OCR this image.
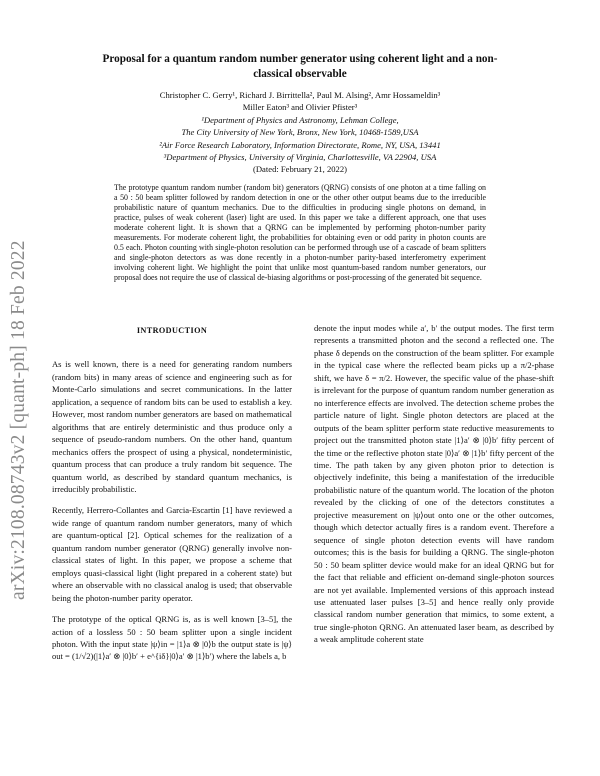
arXiv:2108.08743v2 [quant-ph] 18 Feb 2022
Proposal for a quantum random number generator using coherent light and a non-classical observable
Christopher C. Gerry¹, Richard J. Birrittella², Paul M. Alsing², Amr Hossameldin³
Miller Eaton³ and Olivier Pfister³
¹Department of Physics and Astronomy, Lehman College,
The City University of New York, Bronx, New York, 10468-1589,USA
²Air Force Research Laboratory, Information Directorate, Rome, NY, USA, 13441
³Department of Physics, University of Virginia, Charlottesville, VA 22904, USA
(Dated: February 21, 2022)
The prototype quantum random number (random bit) generators (QRNG) consists of one photon at a time falling on a 50 : 50 beam splitter followed by random detection in one or the other other output beams due to the irreducible probabilistic nature of quantum mechanics. Due to the difficulties in producing single photons on demand, in practice, pulses of weak coherent (laser) light are used. In this paper we take a different approach, one that uses moderate coherent light. It is shown that a QRNG can be implemented by performing photon-number parity measurements. For moderate coherent light, the probabilities for obtaining even or odd parity in photon counts are 0.5 each. Photon counting with single-photon resolution can be performed through use of a cascade of beam splitters and single-photon detectors as was done recently in a photon-number parity-based interferometry experiment involving coherent light. We highlight the point that unlike most quantum-based random number generators, our proposal does not require the use of classical de-biasing algorithms or post-processing of the generated bit sequence.
INTRODUCTION

As is well known, there is a need for generating random numbers (random bits) in many areas of science and engineering such as for Monte-Carlo simulations and secret communications. In the latter application, a sequence of random bits can be used to establish a key. However, most random number generators are based on mathematical algorithms that are entirely deterministic and thus produce only a sequence of pseudo-random numbers. On the other hand, quantum mechanics offers the prospect of using a physical, nondeterministic, quantum process that can produce a truly random bit sequence. The quantum world, as described by standard quantum mechanics, is irreducibly probabilistic.

Recently, Herrero-Collantes and Garcia-Escartin [1] have reviewed a wide range of quantum random number generators, many of which are quantum-optical [2]. Optical schemes for the realization of a quantum random number generator (QRNG) generally involve non-classical states of light. In this paper, we propose a scheme that employs quasi-classical light (light prepared in a coherent state) but where an observable with no classical analog is used; that observable being the photon-number parity operator.

The prototype of the optical QRNG is, as is well known [3–5], the action of a lossless 50 : 50 beam splitter upon a single incident photon. With the input state |ψ⟩in = |1⟩a ⊗ |0⟩b the output state is |ψ⟩out = (1/√2)(|1⟩a′ ⊗ |0⟩b′ + e^{iδ}|0⟩a′ ⊗ |1⟩b′) where the labels a, b

denote the input modes while a′, b′ the output modes. The first term represents a transmitted photon and the second a reflected one. The phase δ depends on the construction of the beam splitter. For example in the typical case where the reflected beam picks up a π/2-phase shift, we have δ = π/2. However, the specific value of the phase-shift is irrelevant for the purpose of quantum random number generation as no interference effects are involved. The detection scheme probes the particle nature of light. Single photon detectors are placed at the outputs of the beam splitter perform state reductive measurements to project out the transmitted photon state |1⟩a′ ⊗ |0⟩b′ fifty percent of the time or the reflective photon state |0⟩a′ ⊗ |1⟩b′ fifty percent of the time. The path taken by any given photon prior to detection is objectively indefinite, this being a manifestation of the irreducible probabilistic nature of the quantum world. The location of the photon revealed by the clicking of one of the detectors constitutes a projective measurement on |ψ⟩out onto one or the other outcomes, though which detector actually fires is a random event. Therefore a sequence of single photon detection events will have random outcomes; this is the basis for building a QRNG. The single-photon 50 : 50 beam splitter device would make for an ideal QRNG but for the fact that reliable and efficient on-demand single-photon sources are not yet available. Implemented versions of this approach instead use attenuated laser pulses [3–5] and hence really only provide classical random number generation that mimics, to some extent, a true single-photon QRNG. An attenuated laser beam, as described by a weak amplitude coherent state
